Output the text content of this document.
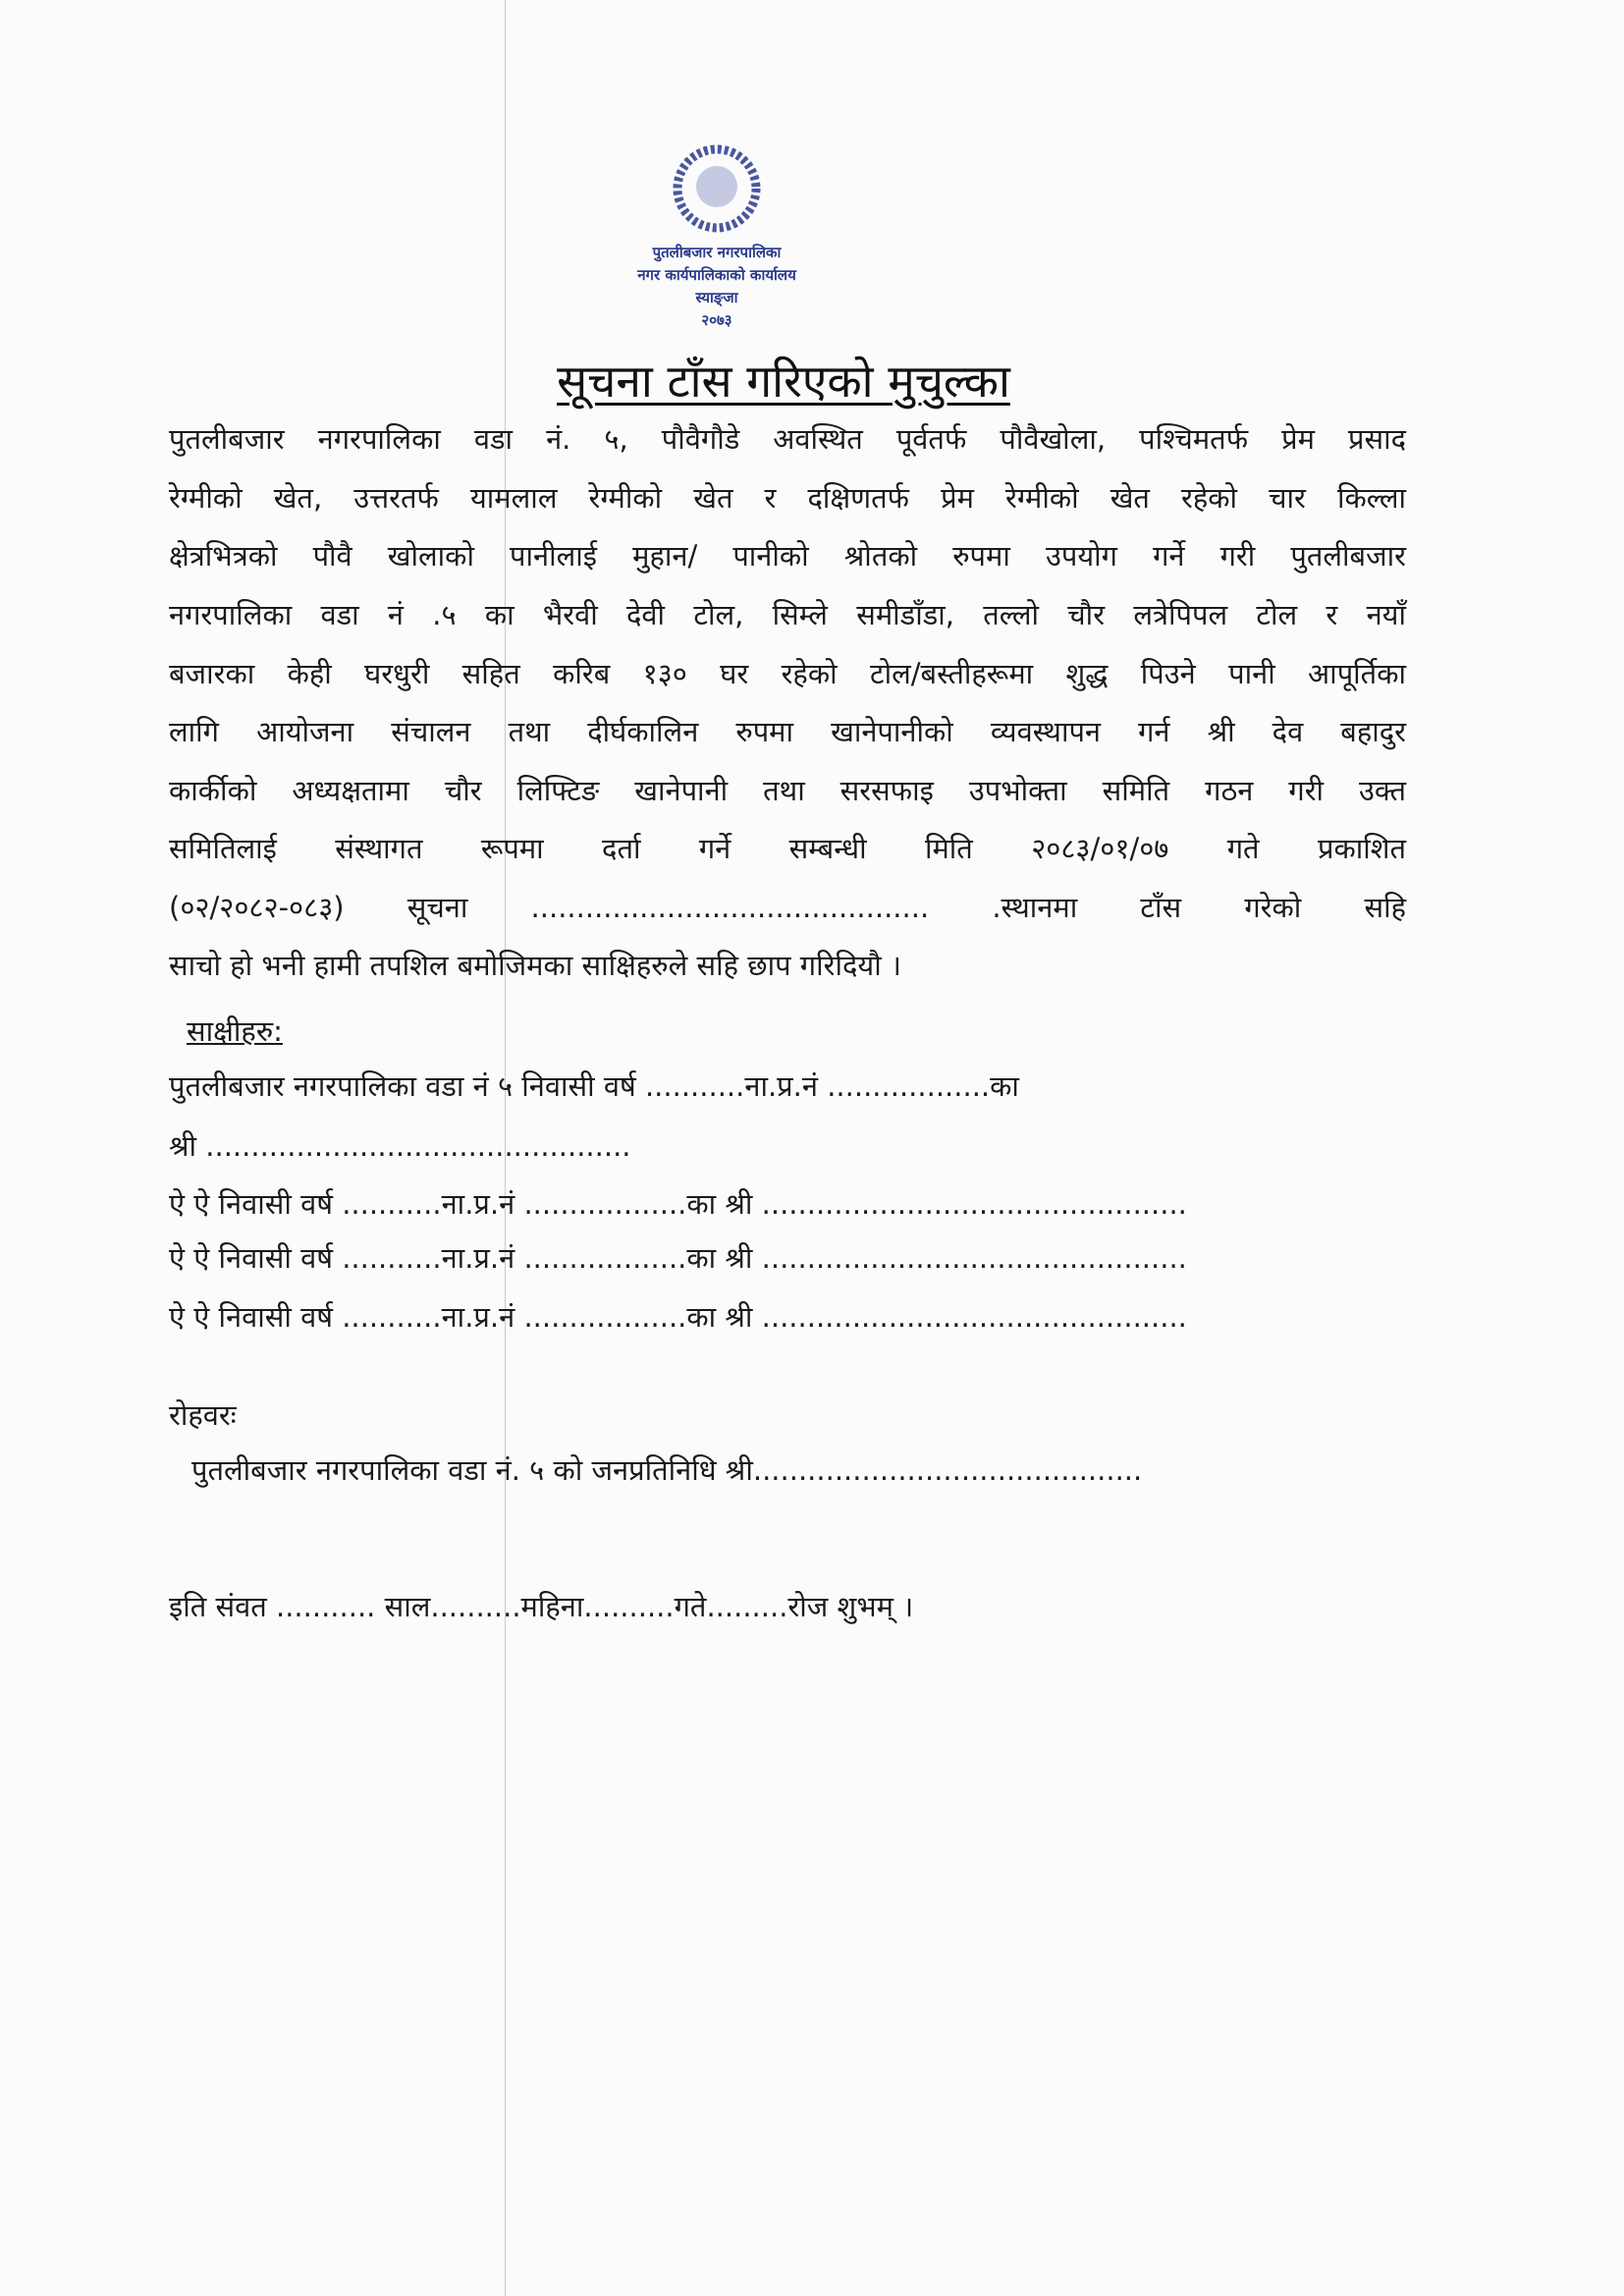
पुतलीबजार नगरपालिका
नगर कार्यपालिकाको कार्यालय
स्याङ्जा
२०७३
सूचना टाँस गरिएको मुचुल्का
पुतलीबजार नगरपालिका वडा नं. ५, पौवैगौडे अवस्थित पूर्वतर्फ पौवैखोला, पश्चिमतर्फ प्रेम प्रसाद
रेग्मीको खेत, उत्तरतर्फ यामलाल रेग्मीको खेत र दक्षिणतर्फ प्रेम रेग्मीको खेत रहेको चार किल्ला
क्षेत्रभित्रको पौवै खोलाको पानीलाई मुहान/ पानीको श्रोतको रुपमा उपयोग गर्ने गरी पुतलीबजार
नगरपालिका वडा नं .५ का भैरवी देवी टोल, सिम्ले समीडाँडा, तल्लो चौर लत्रेपिपल टोल र नयाँ
बजारका केही घरधुरी सहित करिब १३० घर रहेको टोल/बस्तीहरूमा शुद्ध पिउने पानी आपूर्तिका
लागि आयोजना संचालन तथा दीर्घकालिन रुपमा खानेपानीको व्यवस्थापन गर्न श्री देव बहादुर
कार्कीको अध्यक्षतामा चौर लिफ्टिङ खानेपानी तथा सरसफाइ उपभोक्ता समिति गठन गरी उक्त
समितिलाई संस्थागत रूपमा दर्ता गर्ने सम्बन्धी मिति २०८३/०१/०७ गते प्रकाशित
(०२/२०८२-०८३) सूचना ............................................ .स्थानमा टाँस गरेको सहि
साचो हो भनी हामी तपशिल बमोजिमका साक्षिहरुले सहि छाप गरिदियौ ।
साक्षीहरु:
पुतलीबजार नगरपालिका वडा नं ५ निवासी वर्ष ...........ना.प्र.नं ..................का
श्री ...............................................
ऐ ऐ निवासी वर्ष ...........ना.प्र.नं ..................का श्री ...............................................
ऐ ऐ निवासी वर्ष ...........ना.प्र.नं ..................का श्री ...............................................
ऐ ऐ निवासी वर्ष ...........ना.प्र.नं ..................का श्री ...............................................
रोहवरः
पुतलीबजार नगरपालिका वडा नं. ५ को जनप्रतिनिधि श्री...........................................
इति संवत ........... साल..........महिना..........गते.........रोज शुभम् ।
